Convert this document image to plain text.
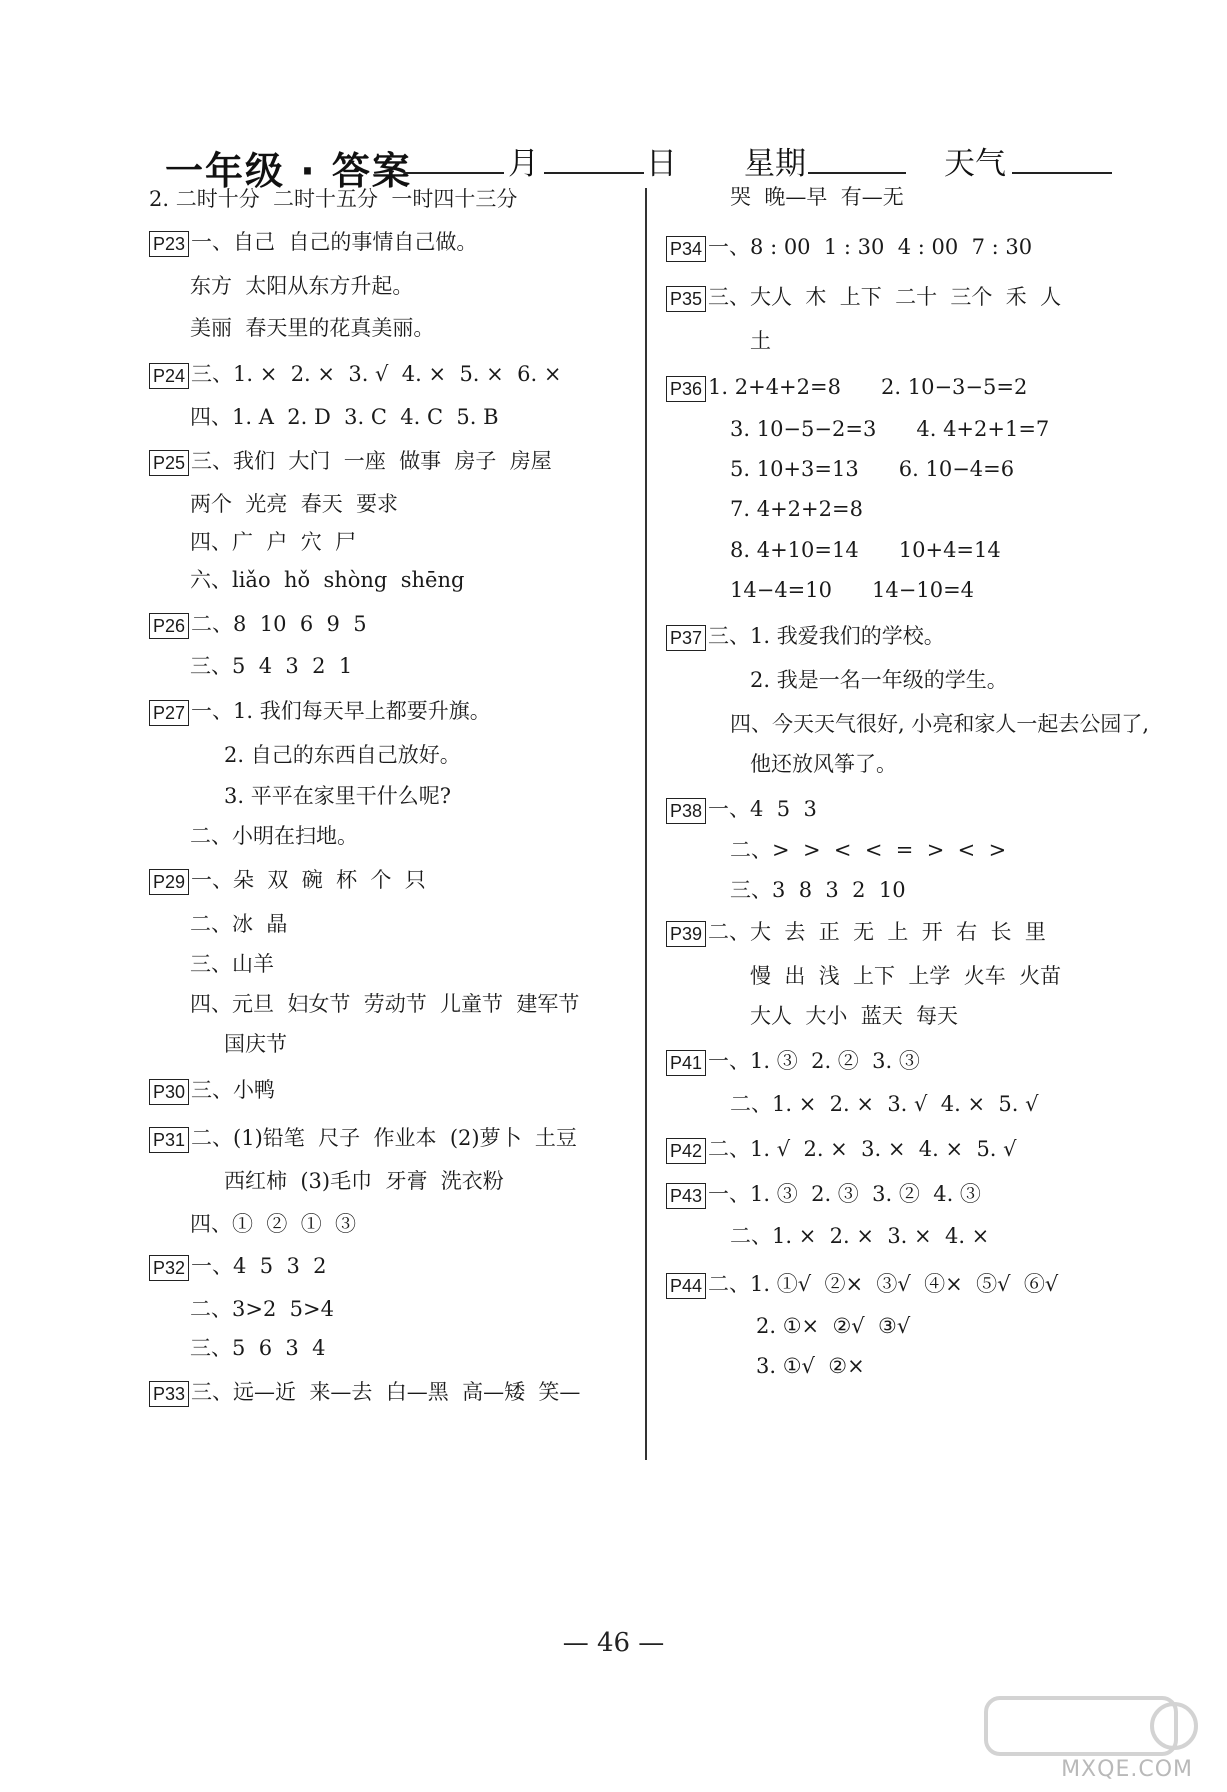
一年级 · 答案	月	日 星期	天气
2. 二时十分  二时十五分  一时四十三分
P23 一、自己  自己的事情自己做。
东方  太阳从东方升起。
美丽  春天里的花真美丽。
P24 三、1. ×  2. ×  3. √  4. ×  5. ×  6. ×
四、1. A  2. D  3. C  4. C  5. B
P25 三、我们  大门  一座  做事  房子  房屋
两个  光亮  春天  要求
四、广  户  穴  尸
六、liǎo  hǒ  shòng  shēng
P26 二、8  10  6  9  5
三、5  4  3  2  1
P27 一、1. 我们每天早上都要升旗。
2. 自己的东西自己放好。
3. 平平在家里干什么呢?
二、小明在扫地。
P29 一、朵  双  碗  杯  个  只
二、冰  晶
三、山羊
四、元旦  妇女节  劳动节  儿童节  建军节
国庆节
P30 三、小鸭
P31 二、(1)铅笔  尺子  作业本  (2)萝卜  土豆
西红柿  (3)毛巾  牙膏  洗衣粉
四、①  ②  ①  ③
P32 一、4  5  3  2
二、3>2  5>4
三、5  6  3  4
P33 三、远—近  来—去  白—黑  高—矮  笑—
哭  晚—早  有—无
P34 一、8 : 00  1 : 30  4 : 00  7 : 30
P35 三、大人  木  上下  二十  三个  禾  人
土
P36 1. 2+4+2=8      2. 10−3−5=2
3. 10−5−2=3      4. 4+2+1=7
5. 10+3=13      6. 10−4=6
7. 4+2+2=8
8. 4+10=14      10+4=14
14−4=10      14−10=4
P37 三、1. 我爱我们的学校。
2. 我是一名一年级的学生。
四、今天天气很好, 小亮和家人一起去公园了,
他还放风筝了。
P38 一、4  5  3
二、>  >  <  <  =  >  <  >
三、3  8  3  2  10
P39 二、大  去  正  无  上  开  右  长  里
慢  出  浅  上下  上学  火车  火苗
大人  大小  蓝天  每天
P41 一、1. ③  2. ②  3. ③
二、1. ×  2. ×  3. √  4. ×  5. √
P42 二、1. √  2. ×  3. ×  4. ×  5. √
P43 一、1. ③  2. ③  3. ②  4. ③
二、1. ×  2. ×  3. ×  4. ×
P44 二、1. ①√  ②×  ③√  ④×  ⑤√  ⑥√
2. ①×  ②√  ③√
3. ①√  ②×
— 46 —
MXQE.COM
